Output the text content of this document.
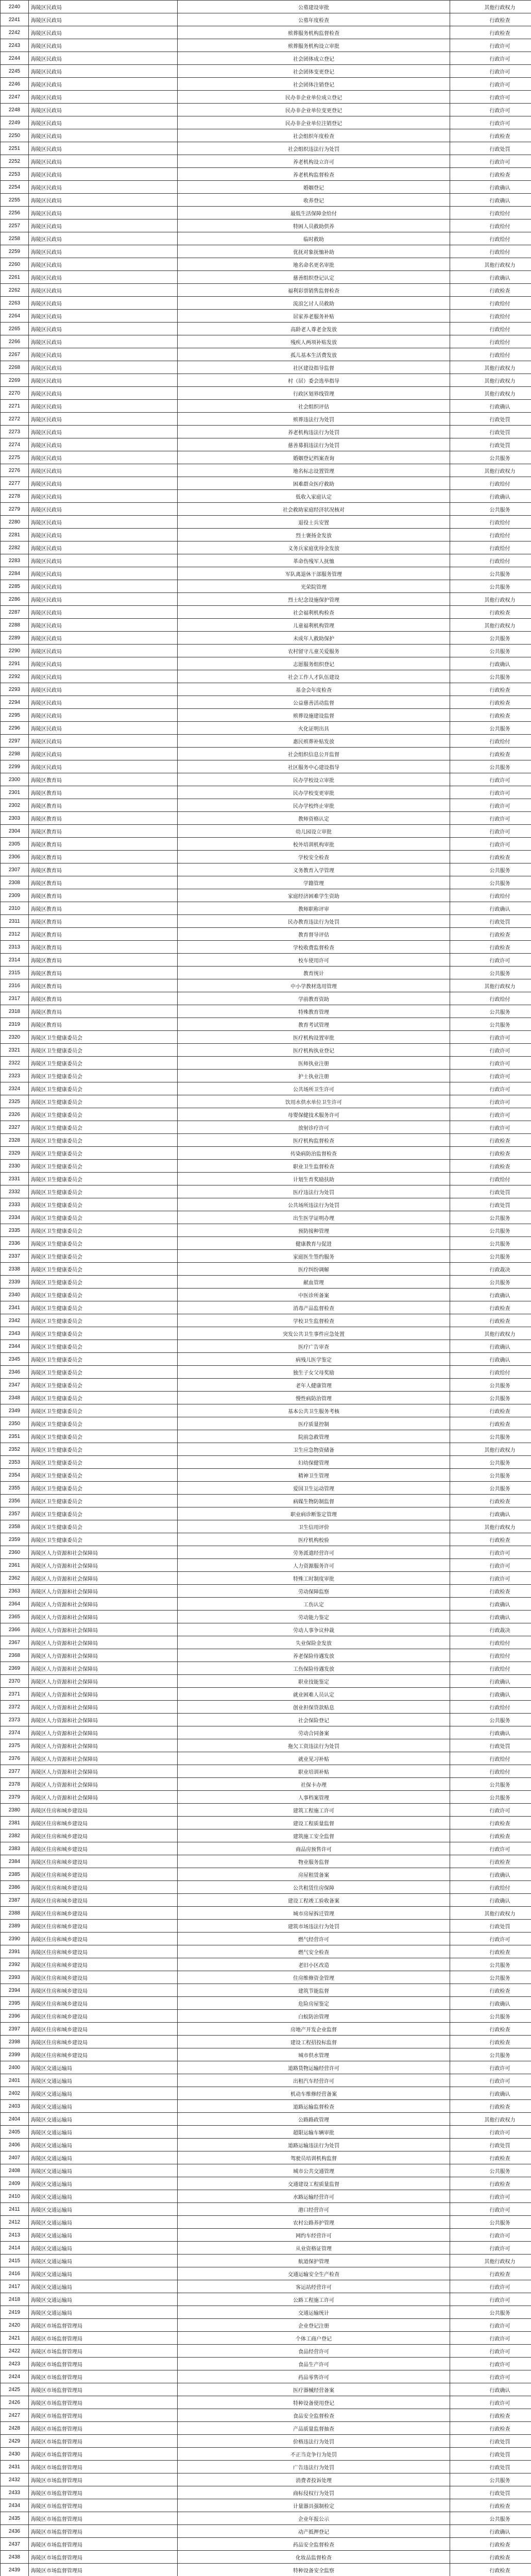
2240	海陵区民政局	公墓建设审批	其他行政权力
2241	海陵区民政局	公墓年度检查	行政检查
2242	海陵区民政局	殡葬服务机构监督检查	行政检查
2243	海陵区民政局	殡葬服务机构设立审批	行政许可
2244	海陵区民政局	社会团体成立登记	行政许可
2245	海陵区民政局	社会团体变更登记	行政许可
2246	海陵区民政局	社会团体注销登记	行政许可
2247	海陵区民政局	民办非企业单位成立登记	行政许可
2248	海陵区民政局	民办非企业单位变更登记	行政许可
2249	海陵区民政局	民办非企业单位注销登记	行政许可
2250	海陵区民政局	社会组织年度检查	行政检查
2251	海陵区民政局	社会组织违法行为处罚	行政处罚
2252	海陵区民政局	养老机构设立许可	行政许可
2253	海陵区民政局	养老机构监督检查	行政检查
2254	海陵区民政局	婚姻登记	行政确认
2255	海陵区民政局	收养登记	行政确认
2256	海陵区民政局	最低生活保障金给付	行政给付
2257	海陵区民政局	特困人员救助供养	行政给付
2258	海陵区民政局	临时救助	行政给付
2259	海陵区民政局	优抚对象抚恤补助	行政给付
2260	海陵区民政局	地名命名更名审批	其他行政权力
2261	海陵区民政局	慈善组织登记认定	行政确认
2262	海陵区民政局	福利彩票销售监督检查	行政检查
2263	海陵区民政局	流浪乞讨人员救助	行政给付
2264	海陵区民政局	居家养老服务补贴	行政给付
2265	海陵区民政局	高龄老人尊老金发放	行政给付
2266	海陵区民政局	残疾人两项补贴发放	行政给付
2267	海陵区民政局	孤儿基本生活费发放	行政给付
2268	海陵区民政局	社区建设指导监督	其他行政权力
2269	海陵区民政局	村（居）委会选举指导	其他行政权力
2270	海陵区民政局	行政区划界线管理	其他行政权力
2271	海陵区民政局	社会组织评估	行政确认
2272	海陵区民政局	殡葬违法行为处罚	行政处罚
2273	海陵区民政局	养老机构违法行为处罚	行政处罚
2274	海陵区民政局	慈善募捐违法行为处罚	行政处罚
2275	海陵区民政局	婚姻登记档案查询	公共服务
2276	海陵区民政局	地名标志设置管理	其他行政权力
2277	海陵区民政局	困难群众医疗救助	行政给付
2278	海陵区民政局	低收入家庭认定	行政确认
2279	海陵区民政局	社会救助家庭经济状况核对	公共服务
2280	海陵区民政局	退役士兵安置	行政给付
2281	海陵区民政局	烈士褒扬金发放	行政给付
2282	海陵区民政局	义务兵家庭优待金发放	行政给付
2283	海陵区民政局	革命伤残军人抚恤	行政给付
2284	海陵区民政局	军队离退休干部服务管理	公共服务
2285	海陵区民政局	光荣院管理	公共服务
2286	海陵区民政局	烈士纪念设施保护管理	其他行政权力
2287	海陵区民政局	社会福利机构检查	行政检查
2288	海陵区民政局	儿童福利机构管理	其他行政权力
2289	海陵区民政局	未成年人救助保护	公共服务
2290	海陵区民政局	农村留守儿童关爱服务	公共服务
2291	海陵区民政局	志愿服务组织登记	行政确认
2292	海陵区民政局	社会工作人才队伍建设	公共服务
2293	海陵区民政局	基金会年度检查	行政检查
2294	海陵区民政局	公益慈善活动监督	行政检查
2295	海陵区民政局	殡葬设施建设监督	行政检查
2296	海陵区民政局	火化证明出具	公共服务
2297	海陵区民政局	惠民殡葬补贴发放	行政给付
2298	海陵区民政局	社会组织信息公开监督	行政检查
2299	海陵区民政局	社区服务中心建设指导	公共服务
2300	海陵区教育局	民办学校设立审批	行政许可
2301	海陵区教育局	民办学校变更审批	行政许可
2302	海陵区教育局	民办学校终止审批	行政许可
2303	海陵区教育局	教师资格认定	行政许可
2304	海陵区教育局	幼儿园设立审批	行政许可
2305	海陵区教育局	校外培训机构审批	行政许可
2306	海陵区教育局	学校安全检查	行政检查
2307	海陵区教育局	义务教育入学管理	公共服务
2308	海陵区教育局	学籍管理	公共服务
2309	海陵区教育局	家庭经济困难学生资助	行政给付
2310	海陵区教育局	教师职称评审	行政确认
2311	海陵区教育局	民办教育违法行为处罚	行政处罚
2312	海陵区教育局	教育督导评估	行政检查
2313	海陵区教育局	学校收费监督检查	行政检查
2314	海陵区教育局	校车使用许可	行政许可
2315	海陵区教育局	教育统计	公共服务
2316	海陵区教育局	中小学教材选用管理	其他行政权力
2317	海陵区教育局	学前教育资助	行政给付
2318	海陵区教育局	特殊教育管理	公共服务
2319	海陵区教育局	教育考试管理	公共服务
2320	海陵区卫生健康委员会	医疗机构设置审批	行政许可
2321	海陵区卫生健康委员会	医疗机构执业登记	行政许可
2322	海陵区卫生健康委员会	医师执业注册	行政许可
2323	海陵区卫生健康委员会	护士执业注册	行政许可
2324	海陵区卫生健康委员会	公共场所卫生许可	行政许可
2325	海陵区卫生健康委员会	饮用水供水单位卫生许可	行政许可
2326	海陵区卫生健康委员会	母婴保健技术服务许可	行政许可
2327	海陵区卫生健康委员会	放射诊疗许可	行政许可
2328	海陵区卫生健康委员会	医疗机构监督检查	行政检查
2329	海陵区卫生健康委员会	传染病防治监督检查	行政检查
2330	海陵区卫生健康委员会	职业卫生监督检查	行政检查
2331	海陵区卫生健康委员会	计划生育奖励扶助	行政给付
2332	海陵区卫生健康委员会	医疗违法行为处罚	行政处罚
2333	海陵区卫生健康委员会	公共场所违法行为处罚	行政处罚
2334	海陵区卫生健康委员会	出生医学证明办理	公共服务
2335	海陵区卫生健康委员会	预防接种管理	公共服务
2336	海陵区卫生健康委员会	健康教育与促进	公共服务
2337	海陵区卫生健康委员会	家庭医生签约服务	公共服务
2338	海陵区卫生健康委员会	医疗纠纷调解	行政裁决
2339	海陵区卫生健康委员会	献血管理	公共服务
2340	海陵区卫生健康委员会	中医诊所备案	行政确认
2341	海陵区卫生健康委员会	消毒产品监督检查	行政检查
2342	海陵区卫生健康委员会	学校卫生监督检查	行政检查
2343	海陵区卫生健康委员会	突发公共卫生事件应急处置	其他行政权力
2344	海陵区卫生健康委员会	医疗广告审查	行政确认
2345	海陵区卫生健康委员会	病残儿医学鉴定	行政确认
2346	海陵区卫生健康委员会	独生子女父母奖励	行政给付
2347	海陵区卫生健康委员会	老年人健康管理	公共服务
2348	海陵区卫生健康委员会	慢性病防治管理	公共服务
2349	海陵区卫生健康委员会	基本公共卫生服务考核	行政检查
2350	海陵区卫生健康委员会	医疗质量控制	行政检查
2351	海陵区卫生健康委员会	院前急救管理	公共服务
2352	海陵区卫生健康委员会	卫生应急物资储备	其他行政权力
2353	海陵区卫生健康委员会	妇幼保健管理	公共服务
2354	海陵区卫生健康委员会	精神卫生管理	公共服务
2355	海陵区卫生健康委员会	爱国卫生运动管理	公共服务
2356	海陵区卫生健康委员会	病媒生物防制监督	行政检查
2357	海陵区卫生健康委员会	职业病诊断鉴定管理	行政确认
2358	海陵区卫生健康委员会	卫生信用评价	其他行政权力
2359	海陵区卫生健康委员会	医疗机构校验	行政检查
2360	海陵区人力资源和社会保障局	劳务派遣经营许可	行政许可
2361	海陵区人力资源和社会保障局	人力资源服务许可	行政许可
2362	海陵区人力资源和社会保障局	特殊工时制度审批	行政许可
2363	海陵区人力资源和社会保障局	劳动保障监察	行政检查
2364	海陵区人力资源和社会保障局	工伤认定	行政确认
2365	海陵区人力资源和社会保障局	劳动能力鉴定	行政确认
2366	海陵区人力资源和社会保障局	劳动人事争议仲裁	行政裁决
2367	海陵区人力资源和社会保障局	失业保险金发放	行政给付
2368	海陵区人力资源和社会保障局	养老保险待遇发放	行政给付
2369	海陵区人力资源和社会保障局	工伤保险待遇发放	行政给付
2370	海陵区人力资源和社会保障局	职业技能鉴定	行政确认
2371	海陵区人力资源和社会保障局	就业困难人员认定	行政确认
2372	海陵区人力资源和社会保障局	创业担保贷款贴息	行政给付
2373	海陵区人力资源和社会保障局	社会保险登记	公共服务
2374	海陵区人力资源和社会保障局	劳动合同备案	行政确认
2375	海陵区人力资源和社会保障局	拖欠工资违法行为处罚	行政处罚
2376	海陵区人力资源和社会保障局	就业见习补贴	行政给付
2377	海陵区人力资源和社会保障局	职业培训补贴	行政给付
2378	海陵区人力资源和社会保障局	社保卡办理	公共服务
2379	海陵区人力资源和社会保障局	人事档案管理	公共服务
2380	海陵区住房和城乡建设局	建筑工程施工许可	行政许可
2381	海陵区住房和城乡建设局	建设工程质量监督	行政检查
2382	海陵区住房和城乡建设局	建筑施工安全监督	行政检查
2383	海陵区住房和城乡建设局	商品房预售许可	行政许可
2384	海陵区住房和城乡建设局	物业服务监督	行政检查
2385	海陵区住房和城乡建设局	房屋租赁备案	行政确认
2386	海陵区住房和城乡建设局	公共租赁住房保障	行政给付
2387	海陵区住房和城乡建设局	建设工程竣工验收备案	行政确认
2388	海陵区住房和城乡建设局	城市房屋拆迁管理	其他行政权力
2389	海陵区住房和城乡建设局	建筑市场违法行为处罚	行政处罚
2390	海陵区住房和城乡建设局	燃气经营许可	行政许可
2391	海陵区住房和城乡建设局	燃气安全检查	行政检查
2392	海陵区住房和城乡建设局	老旧小区改造	公共服务
2393	海陵区住房和城乡建设局	住房维修资金管理	公共服务
2394	海陵区住房和城乡建设局	建筑节能监督	行政检查
2395	海陵区住房和城乡建设局	危险房屋鉴定	行政确认
2396	海陵区住房和城乡建设局	白蚁防治管理	公共服务
2397	海陵区住房和城乡建设局	房地产开发企业监督	行政检查
2398	海陵区住房和城乡建设局	建设工程招投标监督	行政检查
2399	海陵区住房和城乡建设局	城市供水管理	公共服务
2400	海陵区交通运输局	道路货物运输经营许可	行政许可
2401	海陵区交通运输局	出租汽车经营许可	行政许可
2402	海陵区交通运输局	机动车维修经营备案	行政确认
2403	海陵区交通运输局	道路运输监督检查	行政检查
2404	海陵区交通运输局	公路路政管理	其他行政权力
2405	海陵区交通运输局	超限运输车辆审批	行政许可
2406	海陵区交通运输局	道路运输违法行为处罚	行政处罚
2407	海陵区交通运输局	驾驶员培训机构监督	行政检查
2408	海陵区交通运输局	城市公共交通管理	公共服务
2409	海陵区交通运输局	交通建设工程质量监督	行政检查
2410	海陵区交通运输局	水路运输经营许可	行政许可
2411	海陵区交通运输局	港口经营许可	行政许可
2412	海陵区交通运输局	农村公路养护管理	公共服务
2413	海陵区交通运输局	网约车经营许可	行政许可
2414	海陵区交通运输局	从业资格证管理	行政许可
2415	海陵区交通运输局	航道保护管理	其他行政权力
2416	海陵区交通运输局	交通运输安全生产检查	行政检查
2417	海陵区交通运输局	客运站经营许可	行政许可
2418	海陵区交通运输局	公路工程施工许可	行政许可
2419	海陵区交通运输局	交通运输统计	公共服务
2420	海陵区市场监督管理局	企业登记注册	行政许可
2421	海陵区市场监督管理局	个体工商户登记	行政许可
2422	海陵区市场监督管理局	食品经营许可	行政许可
2423	海陵区市场监督管理局	食品生产许可	行政许可
2424	海陵区市场监督管理局	药品零售许可	行政许可
2425	海陵区市场监督管理局	医疗器械经营备案	行政确认
2426	海陵区市场监督管理局	特种设备使用登记	行政许可
2427	海陵区市场监督管理局	食品安全监督检查	行政检查
2428	海陵区市场监督管理局	产品质量监督抽查	行政检查
2429	海陵区市场监督管理局	价格违法行为处罚	行政处罚
2430	海陵区市场监督管理局	不正当竞争行为处罚	行政处罚
2431	海陵区市场监督管理局	广告违法行为处罚	行政处罚
2432	海陵区市场监督管理局	消费者投诉处理	公共服务
2433	海陵区市场监督管理局	商标侵权行为处罚	行政处罚
2434	海陵区市场监督管理局	计量器具强制检定	行政检查
2435	海陵区市场监督管理局	企业年报公示	公共服务
2436	海陵区市场监督管理局	动产抵押登记	行政确认
2437	海陵区市场监督管理局	药品安全监督检查	行政检查
2438	海陵区市场监督管理局	化妆品监督检查	行政检查
2439	海陵区市场监督管理局	特种设备安全监察	行政检查
